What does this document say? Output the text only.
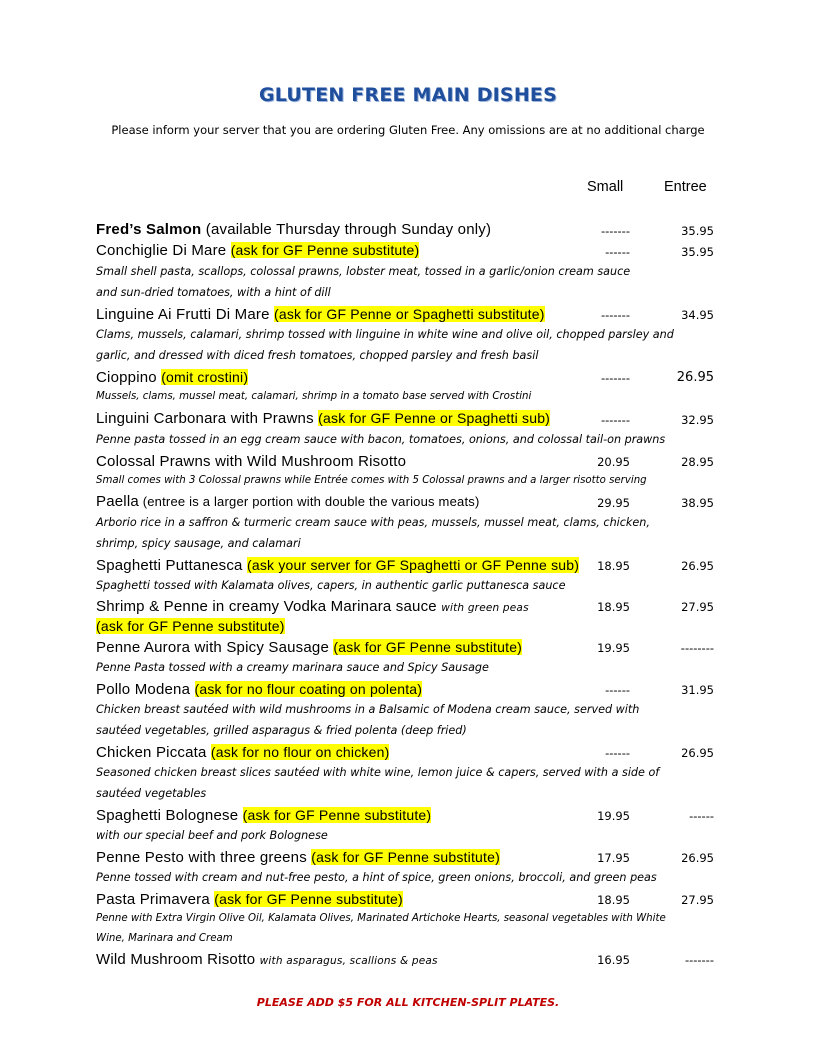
GLUTEN FREE MAIN DISHES
Please inform your server that you are ordering Gluten Free. Any omissions are at no additional charge
Small	Entree
Fred’s Salmon (available Thursday through Sunday only)	-------	35.95
Conchiglie Di Mare (ask for GF Penne substitute)	------	35.95
Small shell pasta, scallops, colossal prawns, lobster meat, tossed in a garlic/onion cream sauce
and sun-dried tomatoes, with a hint of dill
Linguine Ai Frutti Di Mare (ask for GF Penne or Spaghetti substitute)	-------	34.95
Clams, mussels, calamari, shrimp tossed with linguine in white wine and olive oil, chopped parsley and
garlic, and dressed with diced fresh tomatoes, chopped parsley and fresh basil
Cioppino (omit crostini)	-------	26.95
Mussels, clams, mussel meat, calamari, shrimp in a tomato base served with Crostini
Linguini Carbonara with Prawns (ask for GF Penne or Spaghetti sub)	-------	32.95
Penne pasta tossed in an egg cream sauce with bacon, tomatoes, onions, and colossal tail-on prawns
Colossal Prawns with Wild Mushroom Risotto	20.95	28.95
Small comes with 3 Colossal prawns while Entrée comes with 5 Colossal prawns and a larger risotto serving
Paella (entree is a larger portion with double the various meats)	29.95	38.95
Arborio rice in a saffron & turmeric cream sauce with peas, mussels, mussel meat, clams, chicken,
shrimp, spicy sausage, and calamari
Spaghetti Puttanesca (ask your server for GF Spaghetti or GF Penne sub)	18.95	26.95
Spaghetti tossed with Kalamata olives, capers, in authentic garlic puttanesca sauce
Shrimp & Penne in creamy Vodka Marinara sauce with green peas	18.95	27.95
(ask for GF Penne substitute)
Penne Aurora with Spicy Sausage (ask for GF Penne substitute)	19.95	--------
Penne Pasta tossed with a creamy marinara sauce and Spicy Sausage
Pollo Modena (ask for no flour coating on polenta)	------	31.95
Chicken breast sautéed with wild mushrooms in a Balsamic of Modena cream sauce, served with
sautéed vegetables, grilled asparagus & fried polenta (deep fried)
Chicken Piccata (ask for no flour on chicken)	------	26.95
Seasoned chicken breast slices sautéed with white wine, lemon juice & capers, served with a side of
sautéed vegetables
Spaghetti Bolognese (ask for GF Penne substitute)	19.95	------
with our special beef and pork Bolognese
Penne Pesto with three greens (ask for GF Penne substitute)	17.95	26.95
Penne tossed with cream and nut-free pesto, a hint of spice, green onions, broccoli, and green peas
Pasta Primavera (ask for GF Penne substitute)	18.95	27.95
Penne with Extra Virgin Olive Oil, Kalamata Olives, Marinated Artichoke Hearts, seasonal vegetables with White
Wine, Marinara and Cream
Wild Mushroom Risotto with asparagus, scallions & peas	16.95	-------
PLEASE ADD $5 FOR ALL KITCHEN-SPLIT PLATES.
